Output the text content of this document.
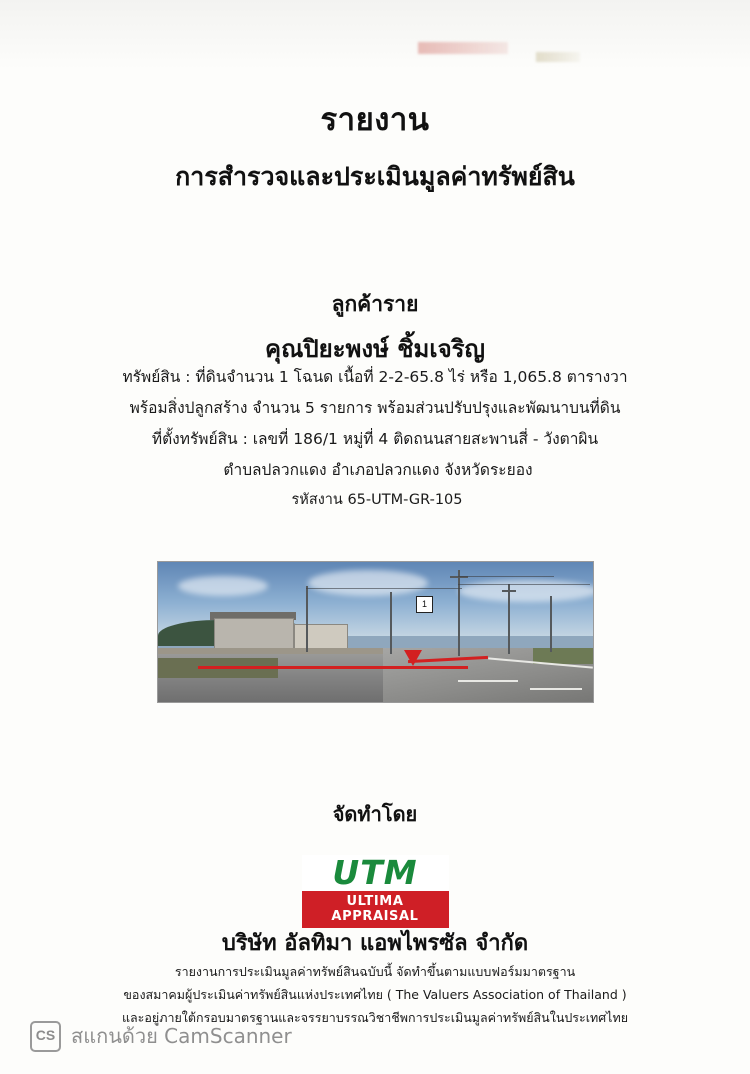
รายงาน
การสำรวจและประเมินมูลค่าทรัพย์สิน
ลูกค้าราย
คุณปิยะพงษ์ ชิ้มเจริญ
ทรัพย์สิน : ที่ดินจำนวน 1 โฉนด เนื้อที่ 2-2-65.8 ไร่ หรือ 1,065.8 ตารางวา
พร้อมสิ่งปลูกสร้าง จำนวน 5 รายการ พร้อมส่วนปรับปรุงและพัฒนาบนที่ดิน
ที่ตั้งทรัพย์สิน : เลขที่ 186/1 หมู่ที่ 4 ติดถนนสายสะพานสี่ - วังตาผิน
ตำบลปลวกแดง อำเภอปลวกแดง จังหวัดระยอง
รหัสงาน 65-UTM-GR-105
1
จัดทำโดย
UTM
ULTIMA APPRAISAL
บริษัท อัลทิมา แอพไพรซัล จำกัด
รายงานการประเมินมูลค่าทรัพย์สินฉบับนี้ จัดทำขึ้นตามแบบฟอร์มมาตรฐาน
ของสมาคมผู้ประเมินค่าทรัพย์สินแห่งประเทศไทย ( The Valuers Association of Thailand )
และอยู่ภายใต้กรอบมาตรฐานและจรรยาบรรณวิชาชีพการประเมินมูลค่าทรัพย์สินในประเทศไทย
CS สแกนด้วย CamScanner
